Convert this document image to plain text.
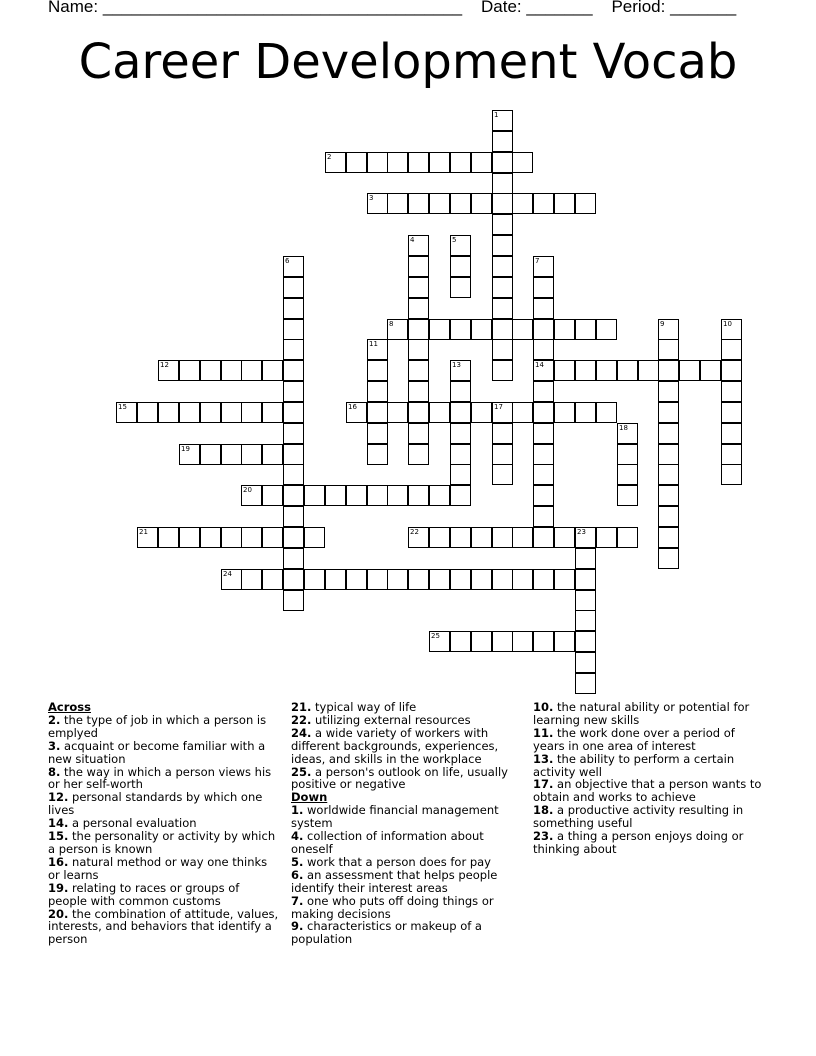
Name: ______________________________________ Date: _______ Period: _______
Career Development Vocab
1
2
3
4	5
6	7
14
8	9	10
11
12	13
15	16	17
18
19
20
21	22	23
24
25
Across
2. the type of job in which a person is emplyed
3. acquaint or become familiar with a new situation
8. the way in which a person views his or her self-worth
12. personal standards by which one lives
14. a personal evaluation
15. the personality or activity by which a person is known
16. natural method or way one thinks or learns
19. relating to races or groups of people with common customs
20. the combination of attitude, values, interests, and behaviors that identify a person
21. typical way of life
22. utilizing external resources
24. a wide variety of workers with different backgrounds, experiences, ideas, and skills in the workplace
25. a person's outlook on life, usually positive or negative
Down
1. worldwide financial management system
4. collection of information about oneself
5. work that a person does for pay
6. an assessment that helps people identify their interest areas
7. one who puts off doing things or making decisions
9. characteristics or makeup of a population
10. the natural ability or potential for learning new skills
11. the work done over a period of years in one area of interest
13. the ability to perform a certain activity well
17. an objective that a person wants to obtain and works to achieve
18. a productive activity resulting in something useful
23. a thing a person enjoys doing or thinking about
